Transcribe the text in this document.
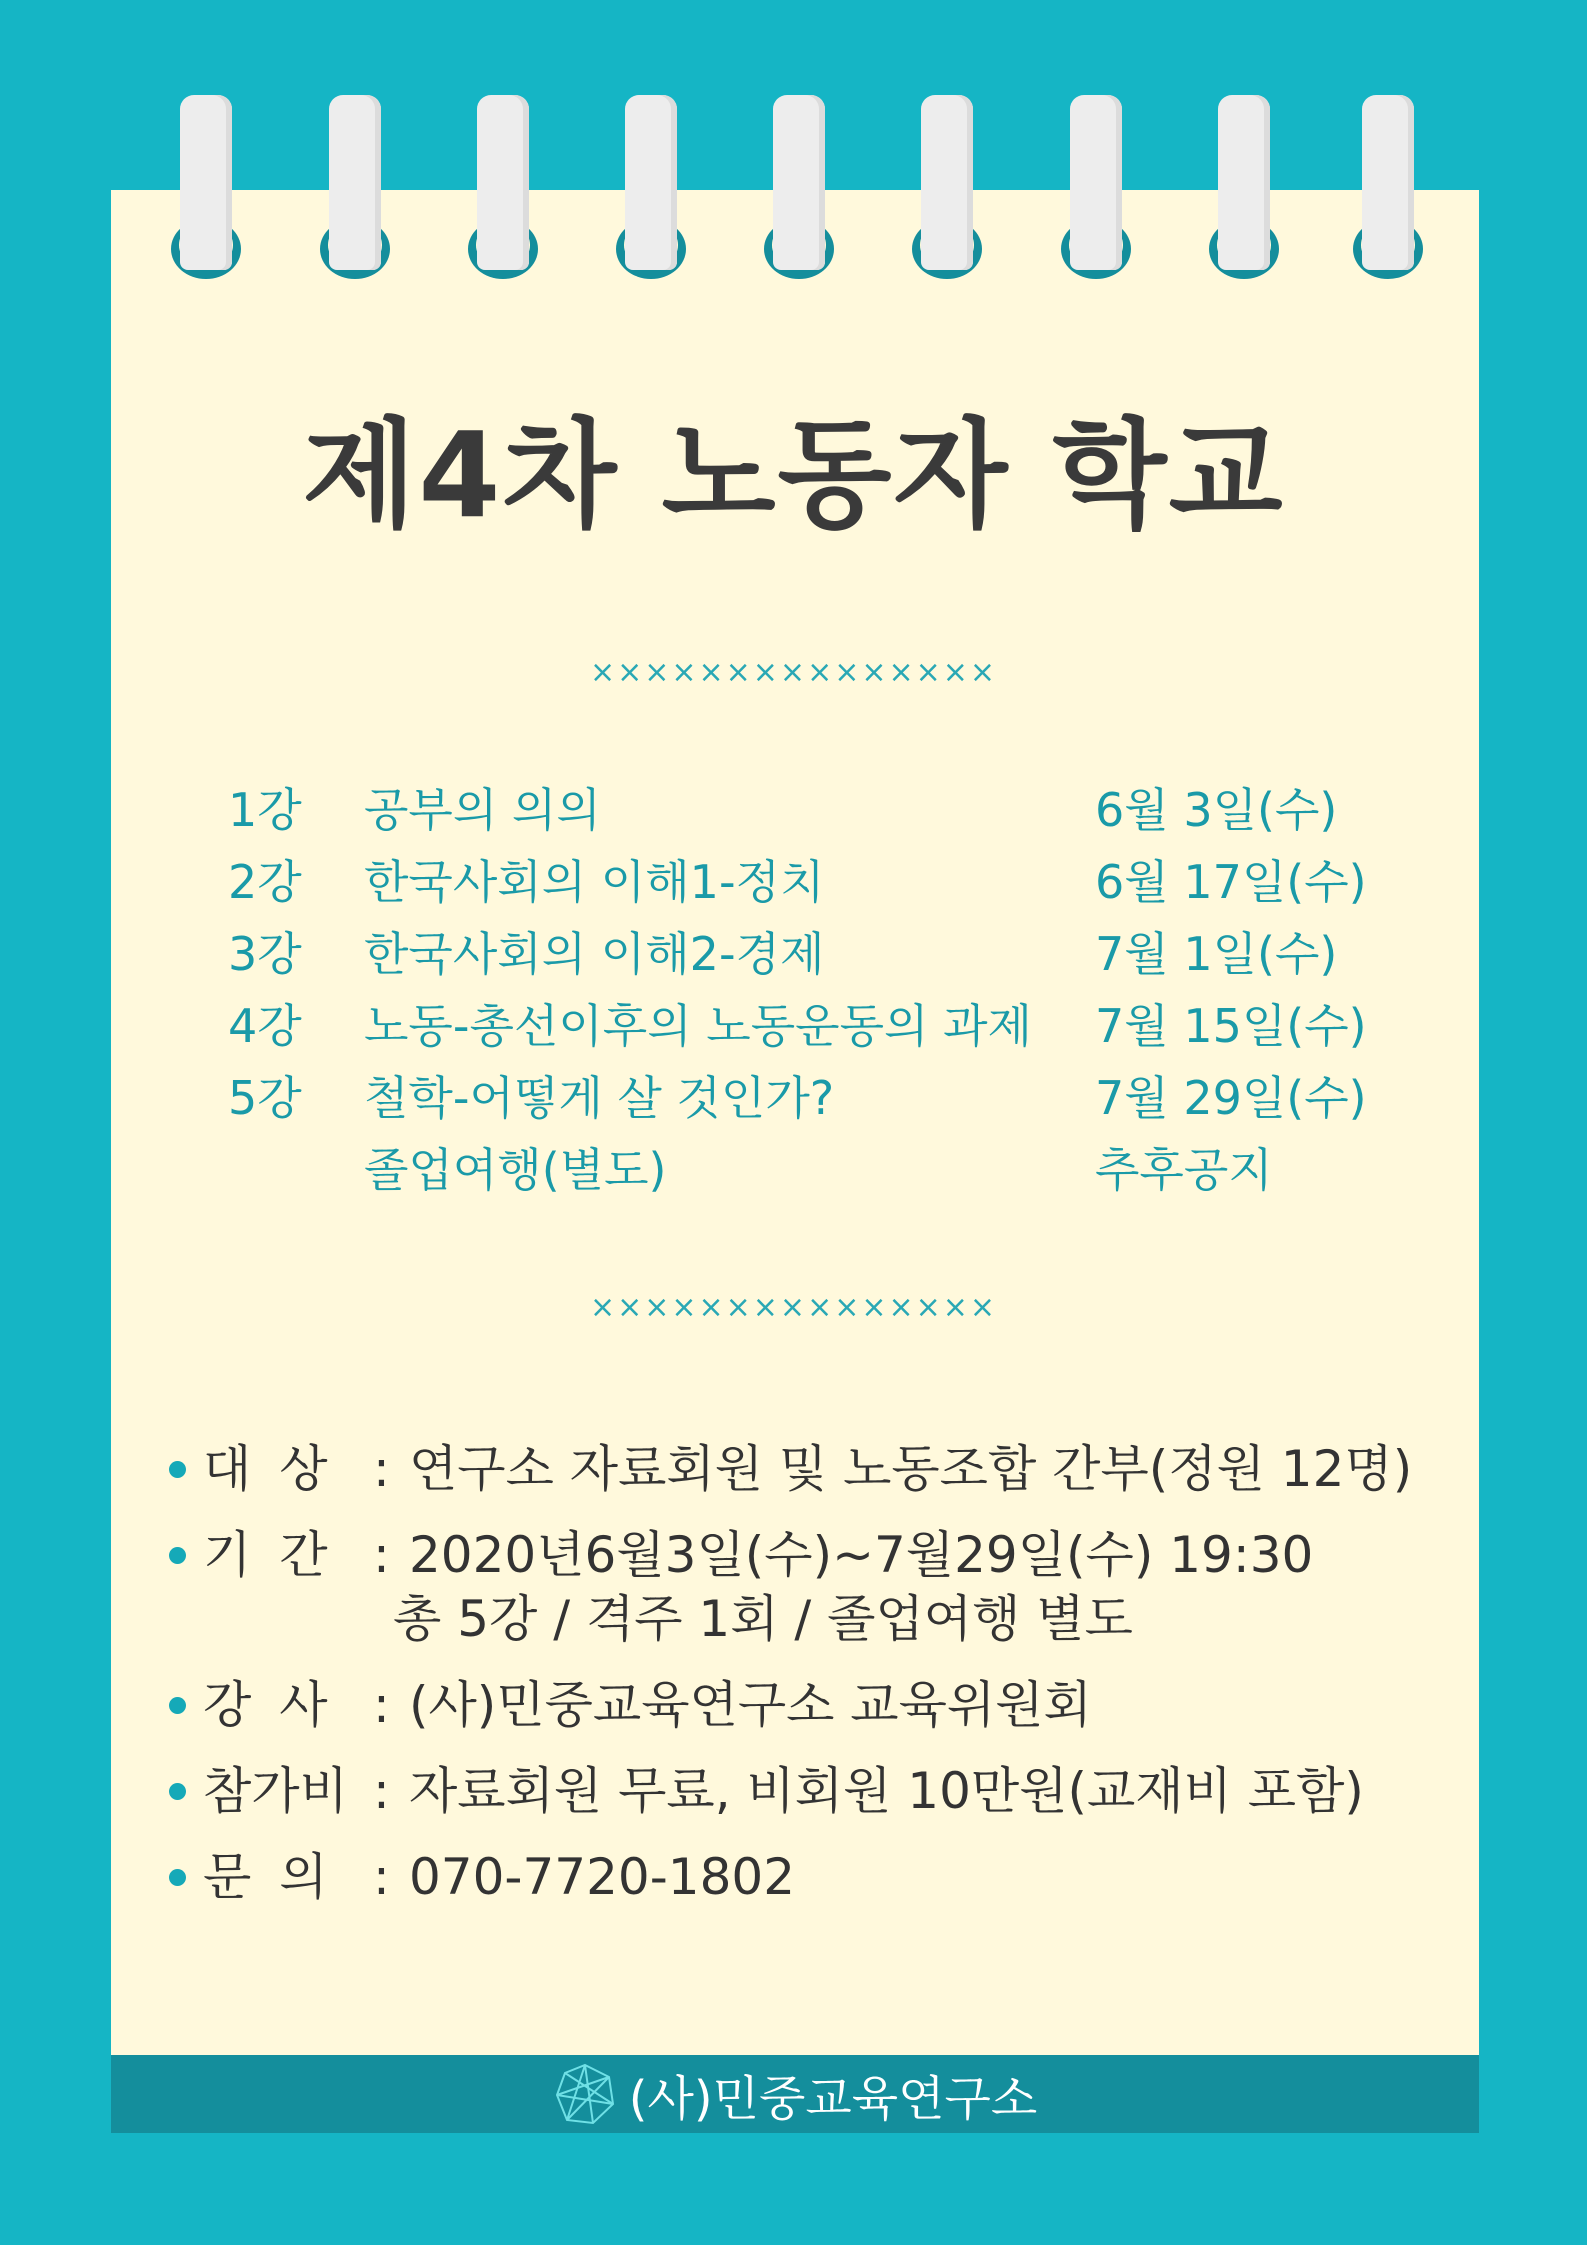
제4차 노동자 학교
×××××××××××××××
1강 공부의 의의	6월 3일(수)
2강 한국사회의 이해1-정치	6월 17일(수)
3강 한국사회의 이해2-경제	7월 1일(수)
4강 노동-총선이후의 노동운동의 과제 7월 15일(수)
5강 철학-어떻게 살 것인가?	7월 29일(수)
졸업여행(별도)	추후공지
×××××××××××××××
대 상 : 연구소 자료회원 및 노동조합 간부(정원 12명)
기 간 : 2020년6월3일(수)~7월29일(수) 19:30
총 5강 / 격주 1회 / 졸업여행 별도
강 사 : (사)민중교육연구소 교육위원회
참가비 : 자료회원 무료, 비회원 10만원(교재비 포함)
문 의 : 070-7720-1802
(사)민중교육연구소
